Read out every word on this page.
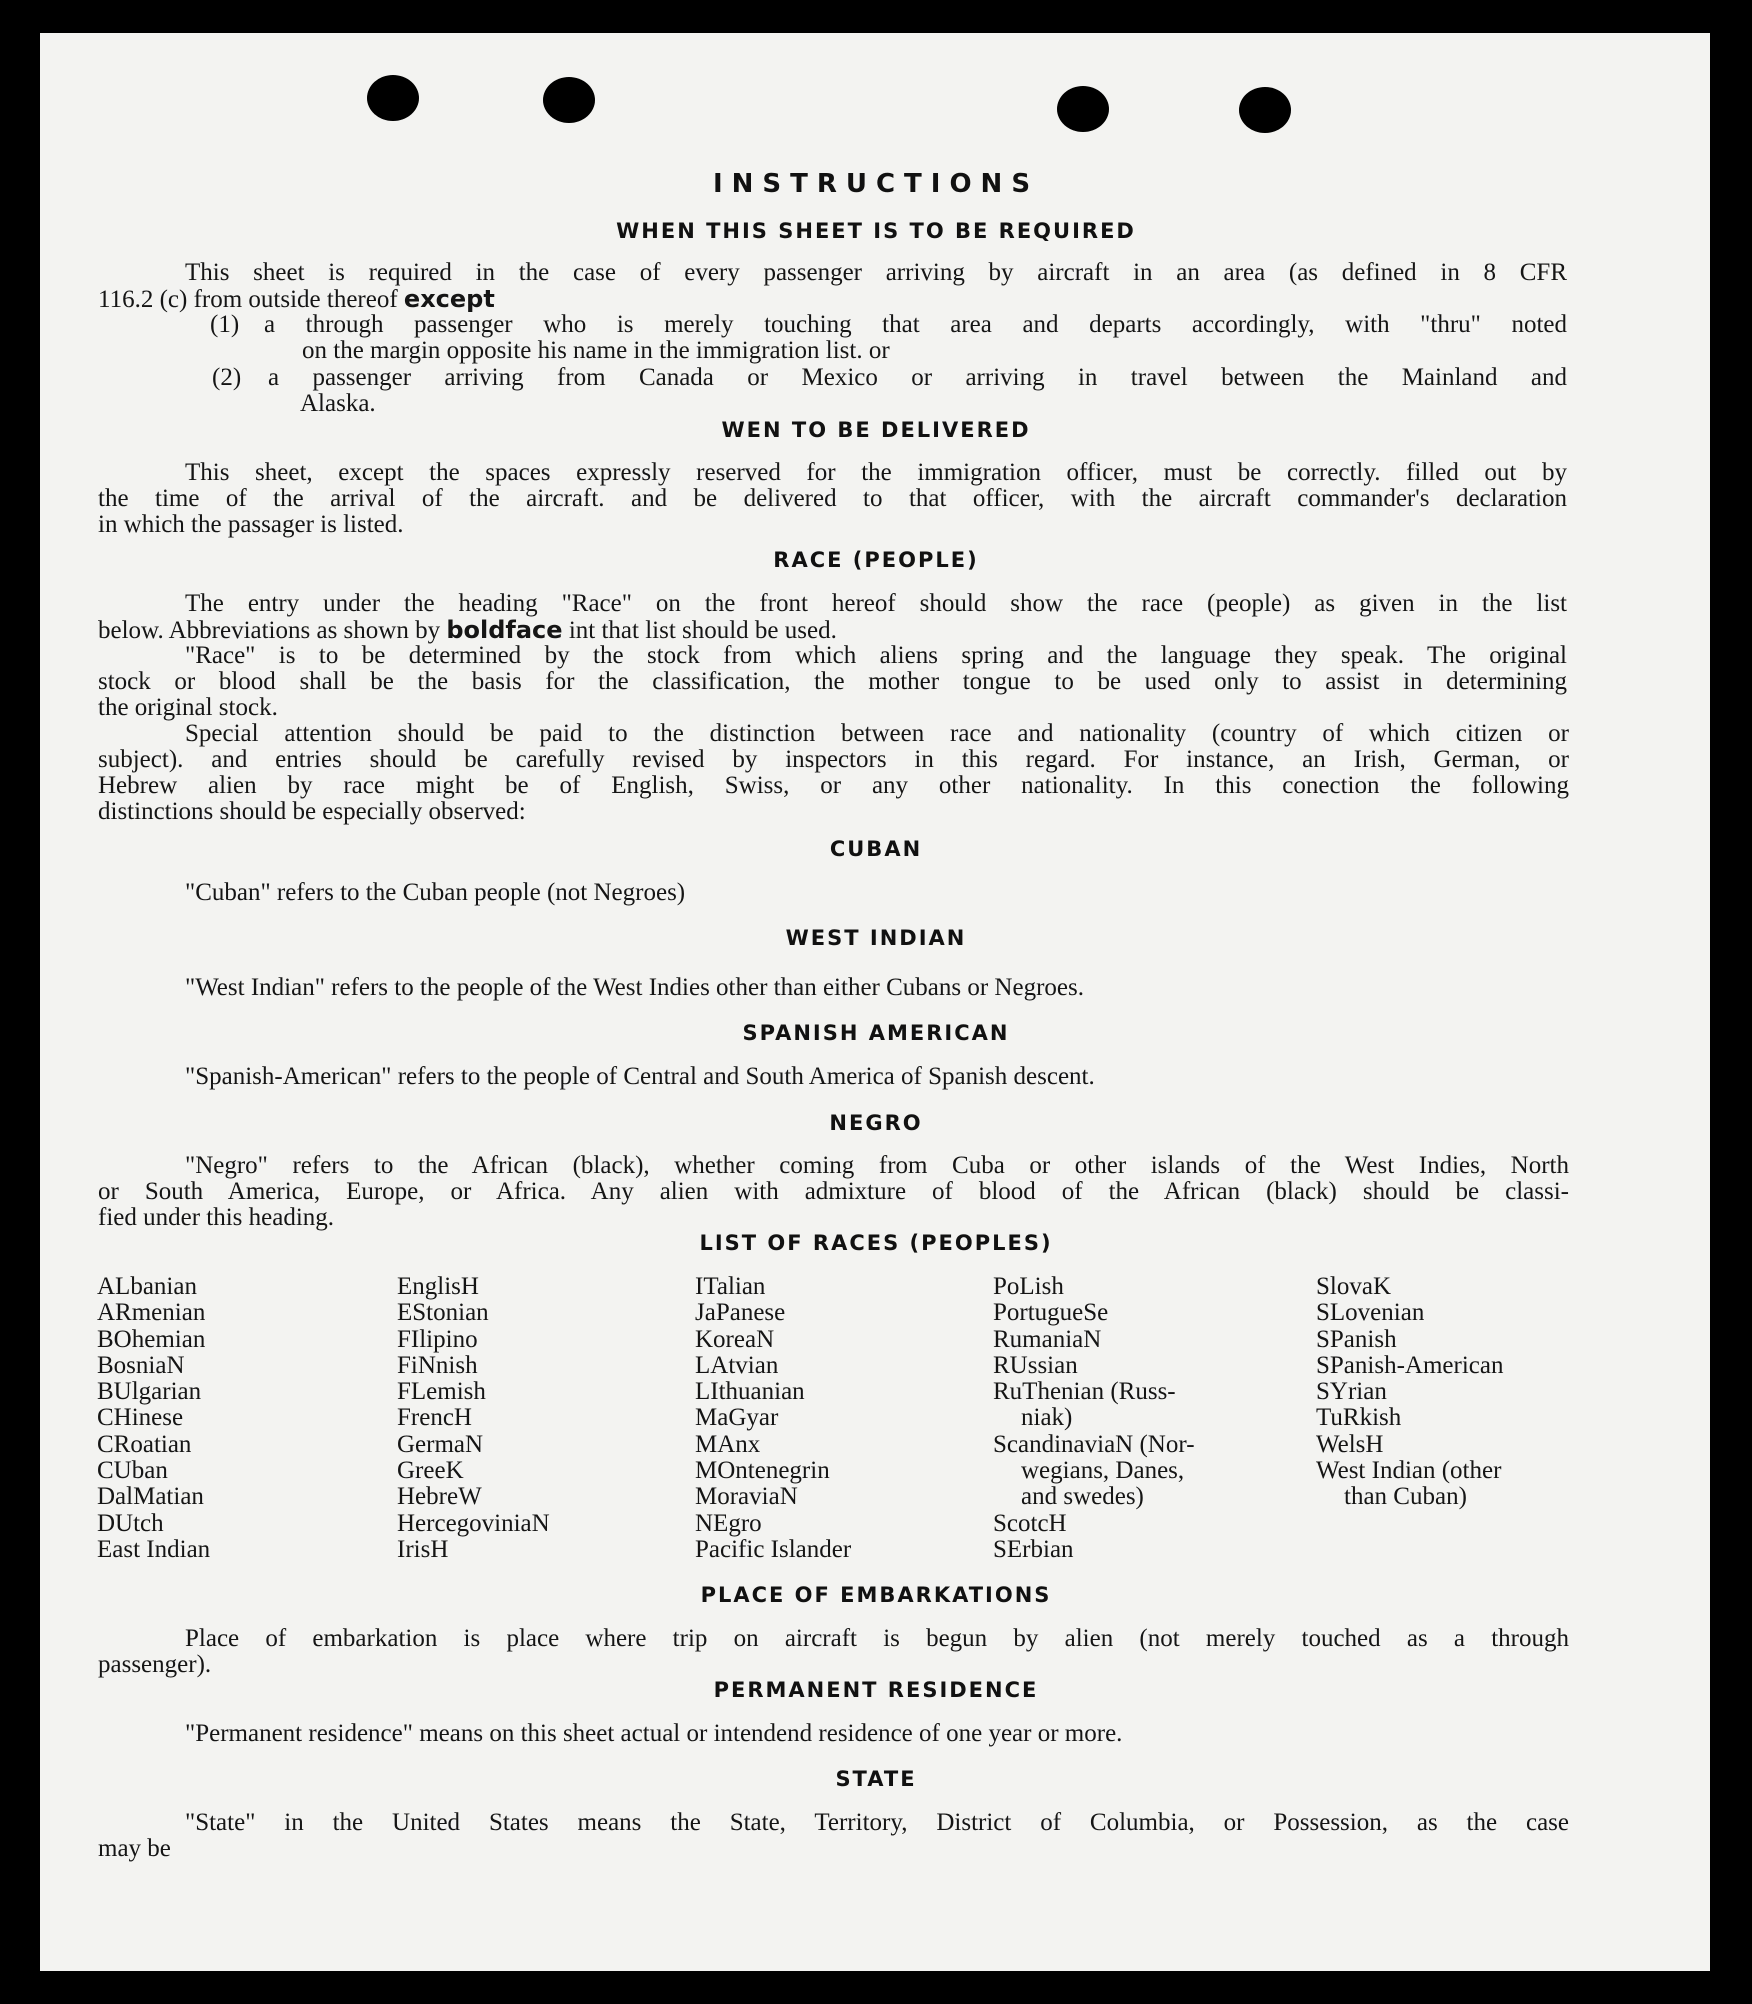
INSTRUCTIONS
WHEN THIS SHEET IS TO BE REQUIRED
This sheet is required in the case of every passenger arriving by aircraft in an area (as defined in 8 CFR
116.2 (c) from outside thereof except
(1) a through passenger who is merely touching that area and departs accordingly, with "thru" noted
on the margin opposite his name in the immigration list. or
(2) a passenger arriving from Canada or Mexico or arriving in travel between the Mainland and
Alaska.
WEN TO BE DELIVERED
This sheet, except the spaces expressly reserved for the immigration officer, must be correctly. filled out by
the time of the arrival of the aircraft. and be delivered to that officer, with the aircraft commander's declaration
in which the passager is listed.
RACE (PEOPLE)
The entry under the heading "Race" on the front hereof should show the race (people) as given in the list
below. Abbreviations as shown by boldface int that list should be used.
"Race" is to be determined by the stock from which aliens spring and the language they speak. The original
stock or blood shall be the basis for the classification, the mother tongue to be used only to assist in determining
the original stock.
Special attention should be paid to the distinction between race and nationality (country of which citizen or
subject). and entries should be carefully revised by inspectors in this regard. For instance, an Irish, German, or
Hebrew alien by race might be of English, Swiss, or any other nationality. In this conection the following
distinctions should be especially observed:
CUBAN
"Cuban" refers to the Cuban people (not Negroes)
WEST INDIAN
"West Indian" refers to the people of the West Indies other than either Cubans or Negroes.
SPANISH AMERICAN
"Spanish-American" refers to the people of Central and South America of Spanish descent.
NEGRO
"Negro" refers to the African (black), whether coming from Cuba or other islands of the West Indies, North
or South America, Europe, or Africa. Any alien with admixture of blood of the African (black) should be classi-
fied under this heading.
LIST OF RACES (PEOPLES)
ALbanian
ARmenian
BOhemian
BosniaN
BUlgarian
CHinese
CRoatian
CUban
DalMatian
DUtch
East Indian
EnglisH
EStonian
FIlipino
FiNnish
FLemish
FrencH
GermaN
GreeK
HebreW
HercegoviniaN
IrisH
ITalian
JaPanese
KoreaN
LAtvian
LIthuanian
MaGyar
MAnx
MOntenegrin
MoraviaN
NEgro
Pacific Islander
PoLish
PortugueSe
RumaniaN
RUssian
RuThenian (Russ-
niak)
ScandinaviaN (Nor-
wegians, Danes,
and swedes)
ScotcH
SErbian
SlovaK
SLovenian
SPanish
SPanish-American
SYrian
TuRkish
WelsH
West Indian (other
than Cuban)
PLACE OF EMBARKATIONS
Place of embarkation is place where trip on aircraft is begun by alien (not merely touched as a through
passenger).
PERMANENT RESIDENCE
"Permanent residence" means on this sheet actual or intendend residence of one year or more.
STATE
"State" in the United States means the State, Territory, District of Columbia, or Possession, as the case
may be
